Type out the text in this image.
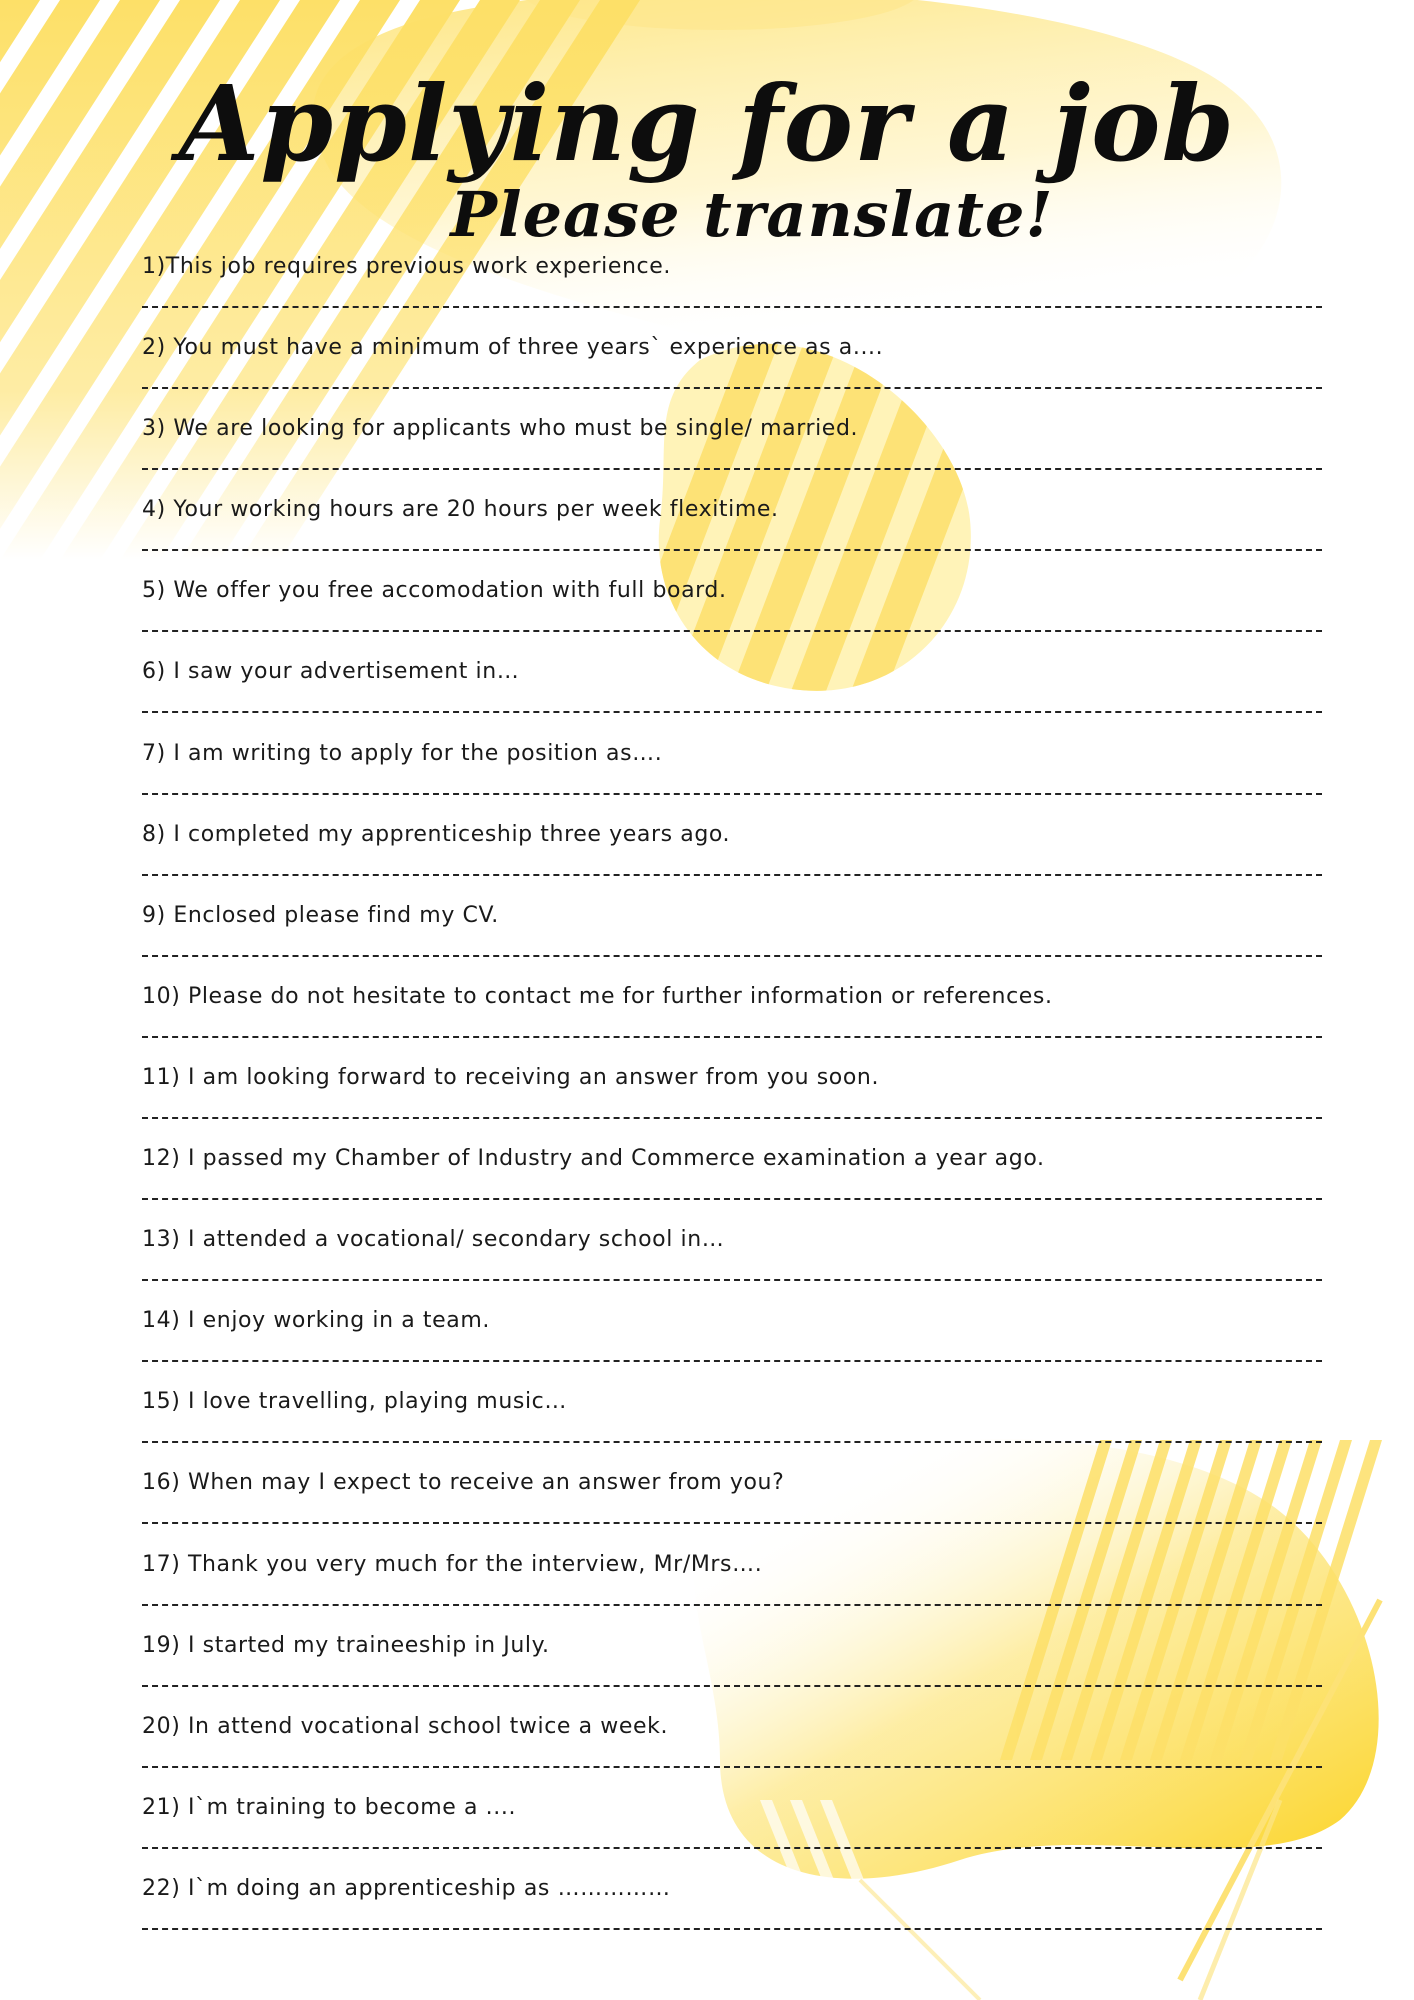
Applying for a job
Please translate!
1)This job requires previous work experience.
2) You must have a minimum of three years` experience as a....
3) We are looking for applicants who must be single/ married.
4) Your working hours are 20 hours per week flexitime.
5) We offer you free accomodation with full board.
6) I saw your advertisement in…
7) I am writing to apply for the position as….
8) I completed my apprenticeship three years ago.
9) Enclosed please find my CV.
10) Please do not hesitate to contact me for further information or references.
11) I am looking forward to receiving an answer from you soon.
12) I passed my Chamber of Industry and Commerce examination a year ago.
13) I attended a vocational/ secondary school in…
14) I enjoy working in a team.
15) I love travelling, playing music…
16) When may I expect to receive an answer from you?
17) Thank you very much for the interview, Mr/Mrs….
19) I started my traineeship in July.
20) In attend vocational school twice a week.
21) I`m training to become a ....
22) I`m doing an apprenticeship as ……………
